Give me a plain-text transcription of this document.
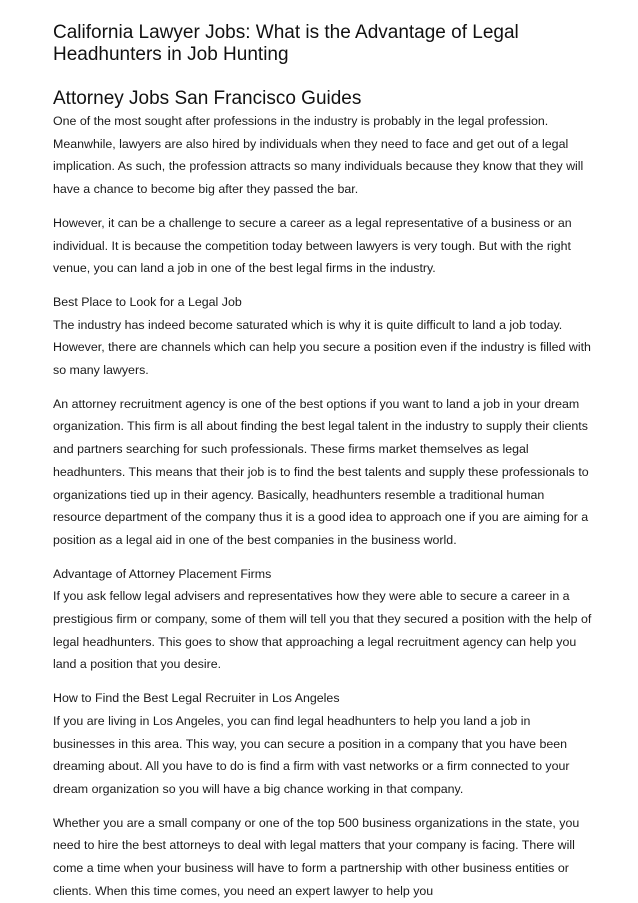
California Lawyer Jobs: What is the Advantage of Legal Headhunters in Job Hunting
Attorney Jobs San Francisco Guides

One of the most sought after professions in the industry is probably in the legal profession. Meanwhile, lawyers are also hired by individuals when they need to face and get out of a legal implication. As such, the profession attracts so many individuals because they know that they will have a chance to become big after they passed the bar.

However, it can be a challenge to secure a career as a legal representative of a business or an individual. It is because the competition today between lawyers is very tough. But with the right venue, you can land a job in one of the best legal firms in the industry.

Best Place to Look for a Legal Job

The industry has indeed become saturated which is why it is quite difficult to land a job today. However, there are channels which can help you secure a position even if the industry is filled with so many lawyers.

An attorney recruitment agency is one of the best options if you want to land a job in your dream organization. This firm is all about finding the best legal talent in the industry to supply their clients and partners searching for such professionals. These firms market themselves as legal headhunters. This means that their job is to find the best talents and supply these professionals to organizations tied up in their agency. Basically, headhunters resemble a traditional human resource department of the company thus it is a good idea to approach one if you are aiming for a position as a legal aid in one of the best companies in the business world.

Advantage of Attorney Placement Firms

If you ask fellow legal advisers and representatives how they were able to secure a career in a prestigious firm or company, some of them will tell you that they secured a position with the help of legal headhunters. This goes to show that approaching a legal recruitment agency can help you land a position that you desire.

How to Find the Best Legal Recruiter in Los Angeles

If you are living in Los Angeles, you can find legal headhunters to help you land a job in businesses in this area. This way, you can secure a position in a company that you have been dreaming about. All you have to do is find a firm with vast networks or a firm connected to your dream organization so you will have a big chance working in that company.

Whether you are a small company or one of the top 500 business organizations in the state, you need to hire the best attorneys to deal with legal matters that your company is facing. There will come a time when your business will have to form a partnership with other business entities or clients. When this time comes, you need an expert lawyer to help you
